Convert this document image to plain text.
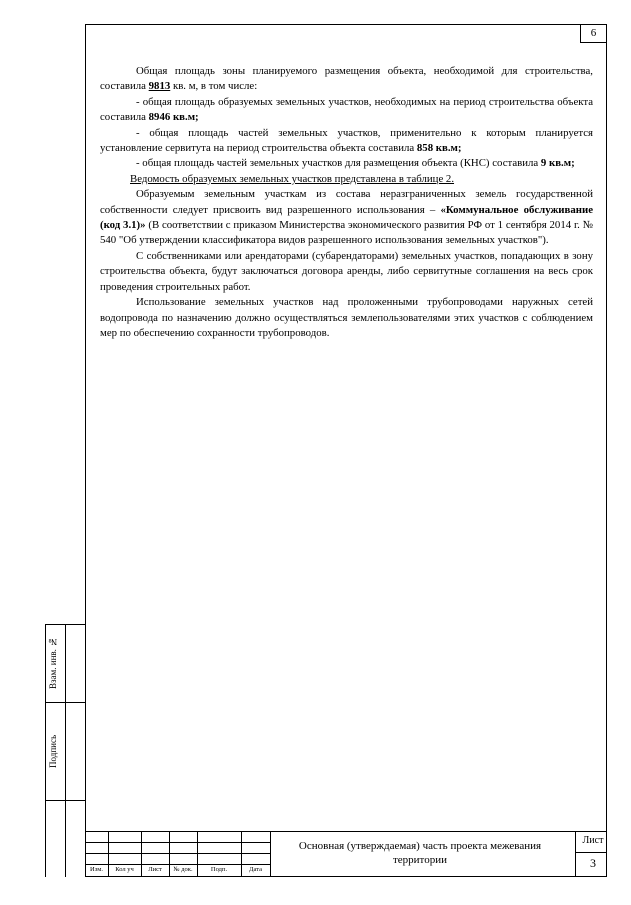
6

Общая площадь зоны планируемого размещения объекта, необходимой для строительства, составила 9813 кв. м, в том числе:

- общая площадь образуемых земельных участков, необходимых на период строительства объекта составила 8946 кв.м;

- общая площадь частей земельных участков, применительно к которым планируется установление сервитута на период строительства объекта составила 858 кв.м;

- общая площадь частей земельных участков для размещения объекта (КНС) составила 9 кв.м;

Ведомость образуемых земельных участков представлена в таблице 2.

Образуемым земельным участкам из состава неразграниченных земель государственной собственности следует присвоить вид разрешенного использования – «Коммунальное обслуживание (код 3.1)» (В соответствии с приказом Министерства экономического развития РФ от 1 сентября 2014 г. № 540 "Об утверждении классификатора видов разрешенного использования земельных участков").

С собственниками или арендаторами (субарендаторами) земельных участков, попадающих в зону строительства объекта, будут заключаться договора аренды, либо сервитутные соглашения на весь срок проведения строительных работ.

Использование земельных участков над проложенными трубопроводами наружных сетей водопровода по назначению должно осуществляться землепользователями этих участков с соблюдением мер по обеспечению сохранности трубопроводов.

Взам. инв. №
Подпись
Изм.	Кол уч	Лист	№ док.	Подп.	Дата
Основная (утверждаемая) часть проекта межевания территории
Лист
3
